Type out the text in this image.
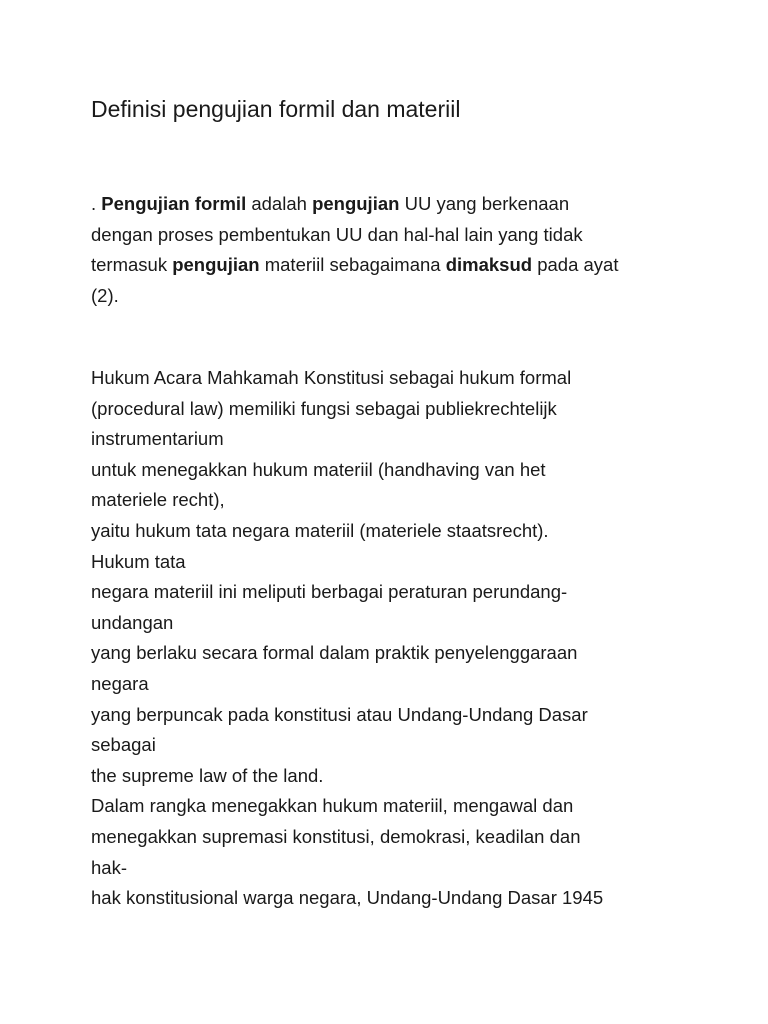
Definisi pengujian formil dan materiil
. Pengujian formil adalah pengujian UU yang berkenaan
dengan proses pembentukan UU dan hal-hal lain yang tidak
termasuk pengujian materiil sebagaimana dimaksud pada ayat
(2).
Hukum Acara Mahkamah Konstitusi sebagai hukum formal
(procedural law) memiliki fungsi sebagai publiekrechtelijk
instrumentarium
untuk menegakkan hukum materiil (handhaving van het
materiele recht),
yaitu hukum tata negara materiil (materiele staatsrecht).
Hukum tata
negara materiil ini meliputi berbagai peraturan perundang-
undangan
yang berlaku secara formal dalam praktik penyelenggaraan
negara
yang berpuncak pada konstitusi atau Undang-Undang Dasar
sebagai
the supreme law of the land.
Dalam rangka menegakkan hukum materiil, mengawal dan
menegakkan supremasi konstitusi, demokrasi, keadilan dan
hak-
hak konstitusional warga negara, Undang-Undang Dasar 1945
